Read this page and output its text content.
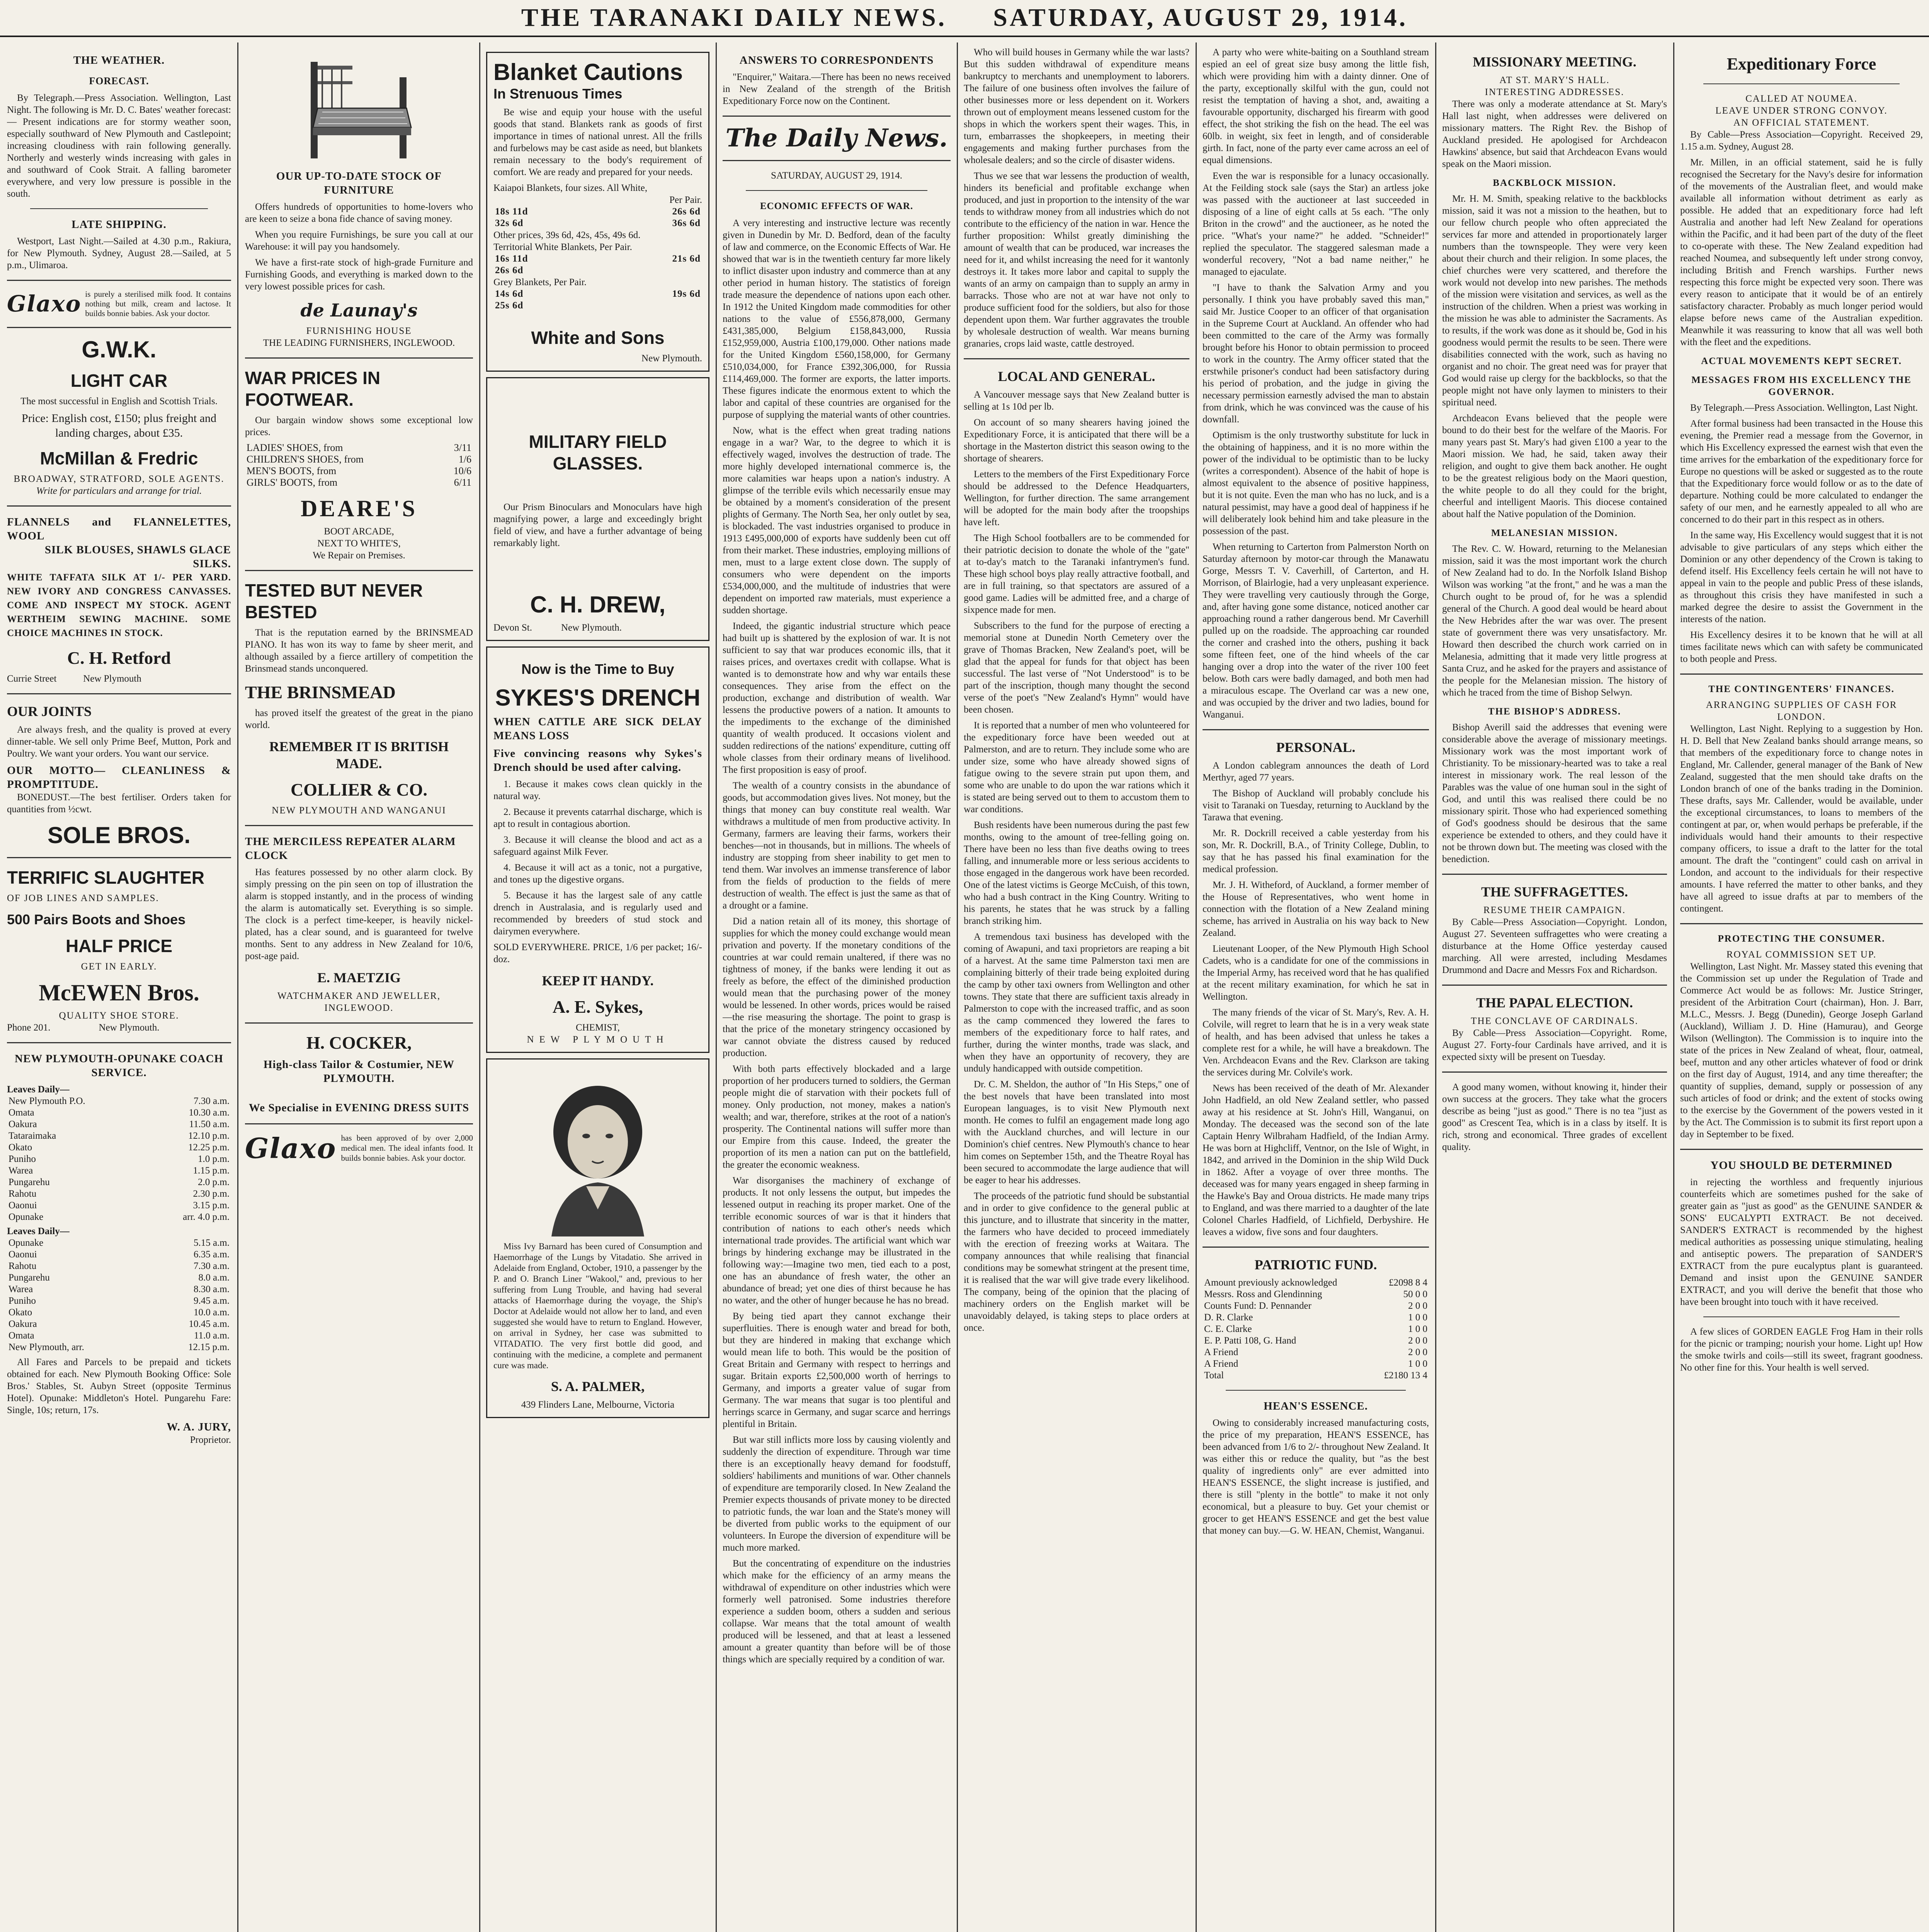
THE TARANAKI DAILY NEWS. SATURDAY, AUGUST 29, 1914.
THE WEATHER.
FORECAST.

By Telegraph.—Press Association. Wellington, Last Night. The following is Mr. D. C. Bates' weather forecast:— Present indications are for stormy weather soon, especially southward of New Plymouth and Castlepoint; increasing cloudiness with rain following generally. Northerly and westerly winds increasing with gales in and southward of Cook Strait. A falling barometer everywhere, and very low pressure is possible in the south.

LATE SHIPPING.

Westport, Last Night.—Sailed at 4.30 p.m., Rakiura, for New Plymouth. Sydney, August 28.—Sailed, at 5 p.m., Ulimaroa.

Glaxo is purely a sterilised milk food. It contains nothing but milk, cream and lactose. It builds bonnie babies. Ask your doctor.
G.W.K.
LIGHT CAR

The most successful in English and Scottish Trials.

Price: English cost, £150; plus freight and landing charges, about £35.

McMillan & Fredric
BROADWAY, STRATFORD, SOLE AGENTS.
Write for particulars and arrange for trial.
FLANNELS and FLANNELETTES, WOOL
SILK BLOUSES, SHAWLS GLACE SILKS.
WHITE TAFFATA SILK AT 1/- PER YARD. NEW IVORY AND CONGRESS CANVASSES. COME AND INSPECT MY STOCK. AGENT WERTHEIM SEWING MACHINE. SOME CHOICE MACHINES IN STOCK.
C. H. Retford
Currie Street           New Plymouth
OUR JOINTS

Are always fresh, and the quality is proved at every dinner-table. We sell only Prime Beef, Mutton, Pork and Poultry. We want your orders. You want our service.

OUR MOTTO— CLEANLINESS & PROMPTITUDE.

BONEDUST.—The best fertiliser. Orders taken for quantities from ½cwt.

SOLE BROS.
TERRIFIC SLAUGHTER
OF JOB LINES AND SAMPLES.
500 Pairs Boots and Shoes
HALF PRICE
GET IN EARLY.
McEWEN Bros.
QUALITY SHOE STORE.
Phone 201.                    New Plymouth.
NEW PLYMOUTH-OPUNAKE COACH SERVICE.
Leaves Daily—
New Plymouth P.O.	7.30 a.m.
Omata	10.30 a.m.
Oakura	11.50 a.m.
Tataraimaka	12.10 p.m.
Okato	12.25 p.m.
Puniho	1.0 p.m.
Warea	1.15 p.m.
Pungarehu	2.0 p.m.
Rahotu	2.30 p.m.
Oaonui	3.15 p.m.
Opunake	arr. 4.0 p.m.
Leaves Daily—
Opunake	5.15 a.m.
Oaonui	6.35 a.m.
Rahotu	7.30 a.m.
Pungarehu	8.0 a.m.
Warea	8.30 a.m.
Puniho	9.45 a.m.
Okato	10.0 a.m.
Oakura	10.45 a.m.
Omata	11.0 a.m.
New Plymouth, arr.	12.15 p.m.

All Fares and Parcels to be prepaid and tickets obtained for each. New Plymouth Booking Office: Sole Bros.' Stables, St. Aubyn Street (opposite Terminus Hotel). Opunake: Middleton's Hotel. Pungarehu Fare: Single, 10s; return, 17s.

W. A. JURY,
Proprietor.
OUR UP-TO-DATE STOCK OF FURNITURE

Offers hundreds of opportunities to home-lovers who are keen to seize a bona fide chance of saving money.

When you require Furnishings, be sure you call at our Warehouse: it will pay you handsomely.

We have a first-rate stock of high-grade Furniture and Furnishing Goods, and everything is marked down to the very lowest possible prices for cash.

de Launay's
FURNISHING HOUSE
THE LEADING FURNISHERS, INGLEWOOD.
WAR PRICES IN FOOTWEAR.

Our bargain window shows some exceptional low prices.

LADIES' SHOES, from	3/11
CHILDREN'S SHOES, from	1/6
MEN'S BOOTS, from	10/6
GIRLS' BOOTS, from	6/11
DEARE'S
BOOT ARCADE,
NEXT TO WHITE'S,
We Repair on Premises.
TESTED BUT NEVER BESTED

That is the reputation earned by the BRINSMEAD PIANO. It has won its way to fame by sheer merit, and although assailed by a fierce artillery of competition the Brinsmead stands unconquered.

THE BRINSMEAD

has proved itself the greatest of the great in the piano world.

REMEMBER IT IS BRITISH MADE.
COLLIER & CO.
NEW PLYMOUTH AND WANGANUI
THE MERCILESS REPEATER ALARM CLOCK

Has features possessed by no other alarm clock. By simply pressing on the pin seen on top of illustration the alarm is stopped instantly, and in the process of winding the alarm is automatically set. Everything is so simple. The clock is a perfect time-keeper, is heavily nickel-plated, has a clear sound, and is guaranteed for twelve months. Sent to any address in New Zealand for 10/6, post-age paid.

E. MAETZIG
WATCHMAKER AND JEWELLER, INGLEWOOD.
H. COCKER,
High-class Tailor & Costumier, NEW PLYMOUTH.
We Specialise in EVENING DRESS SUITS
Glaxo has been approved of by over 2,000 medical men. The ideal infants food. It builds bonnie babies. Ask your doctor.
Blanket Cautions
In Strenuous Times

Be wise and equip your house with the useful goods that stand. Blankets rank as goods of first importance in times of national unrest. All the frills and furbelows may be cast aside as need, but blankets remain necessary to the body's requirement of comfort. We are ready and prepared for your needs.

Kaiapoi Blankets, four sizes. All White,
Per Pair.
18s 11d	26s 6d
32s 6d	36s 6d
Other prices, 39s 6d, 42s, 45s, 49s 6d.
Territorial White Blankets, Per Pair.
16s 11d	21s 6d
26s 6d	
Grey Blankets, Per Pair.
14s 6d	19s 6d
25s 6d	
White and Sons
New Plymouth.
MILITARY FIELD GLASSES.

Our Prism Binoculars and Monoculars have high magnifying power, a large and exceedingly bright field of view, and have a further advantage of being remarkably light.

C. H. DREW,
Devon St.            New Plymouth.
Now is the Time to Buy
SYKES'S DRENCH
WHEN CATTLE ARE SICK DELAY MEANS LOSS
Five convincing reasons why Sykes's Drench should be used after calving.

1. Because it makes cows clean quickly in the natural way.

2. Because it prevents catarrhal discharge, which is apt to result in contagious abortion.

3. Because it will cleanse the blood and act as a safeguard against Milk Fever.

4. Because it will act as a tonic, not a purgative, and tones up the digestive organs.

5. Because it has the largest sale of any cattle drench in Australasia, and is regularly used and recommended by breeders of stud stock and dairymen everywhere.

SOLD EVERYWHERE. PRICE, 1/6 per packet; 16/- doz.
KEEP IT HANDY.
A. E. Sykes,
CHEMIST,
NEW PLYMOUTH

Miss Ivy Barnard has been cured of Consumption and Haemorrhage of the Lungs by Vitadatio. She arrived in Adelaide from England, October, 1910, a passenger by the P. and O. Branch Liner "Wakool," and, previous to her suffering from Lung Trouble, and having had several attacks of Haemorrhage during the voyage, the Ship's Doctor at Adelaide would not allow her to land, and even suggested she would have to return to England. However, on arrival in Sydney, her case was submitted to VITADATIO. The very first bottle did good, and continuing with the medicine, a complete and permanent cure was made.

S. A. PALMER,
439 Flinders Lane, Melbourne, Victoria
ANSWERS TO CORRESPONDENTS

"Enquirer," Waitara.—There has been no news received in New Zealand of the strength of the British Expeditionary Force now on the Continent.

The Daily News.
SATURDAY, AUGUST 29, 1914.
ECONOMIC EFFECTS OF WAR.

A very interesting and instructive lecture was recently given in Dunedin by Mr. D. Bedford, dean of the faculty of law and commerce, on the Economic Effects of War. He showed that war is in the twentieth century far more likely to inflict disaster upon industry and commerce than at any other period in human history. The statistics of foreign trade measure the dependence of nations upon each other. In 1912 the United Kingdom made commodities for other nations to the value of £556,878,000, Germany £431,385,000, Belgium £158,843,000, Russia £152,959,000, Austria £100,179,000. Other nations made for the United Kingdom £560,158,000, for Germany £510,034,000, for France £392,306,000, for Russia £114,469,000. The former are exports, the latter imports. These figures indicate the enormous extent to which the labor and capital of these countries are organised for the purpose of supplying the material wants of other countries.

Now, what is the effect when great trading nations engage in a war? War, to the degree to which it is effectively waged, involves the destruction of trade. The more highly developed international commerce is, the more calamities war heaps upon a nation's industry. A glimpse of the terrible evils which necessarily ensue may be obtained by a moment's consideration of the present plights of Germany. The North Sea, her only outlet by sea, is blockaded. The vast industries organised to produce in 1913 £495,000,000 of exports have suddenly been cut off from their market. These industries, employing millions of men, must to a large extent close down. The supply of consumers who were dependent on the imports £534,000,000, and the multitude of industries that were dependent on imported raw materials, must experience a sudden shortage.

Indeed, the gigantic industrial structure which peace had built up is shattered by the explosion of war. It is not sufficient to say that war produces economic ills, that it raises prices, and overtaxes credit with collapse. What is wanted is to demonstrate how and why war entails these consequences. They arise from the effect on the production, exchange and distribution of wealth. War lessens the productive powers of a nation. It amounts to the impediments to the exchange of the diminished quantity of wealth produced. It occasions violent and sudden redirections of the nations' expenditure, cutting off whole classes from their ordinary means of livelihood. The first proposition is easy of proof.

The wealth of a country consists in the abundance of goods, but accommodation gives lives. Not money, but the things that money can buy constitute real wealth. War withdraws a multitude of men from productive activity. In Germany, farmers are leaving their farms, workers their benches—not in thousands, but in millions. The wheels of industry are stopping from sheer inability to get men to tend them. War involves an immense transference of labor from the fields of production to the fields of mere destruction of wealth. The effect is just the same as that of a drought or a famine.

Did a nation retain all of its money, this shortage of supplies for which the money could exchange would mean privation and poverty. If the monetary conditions of the countries at war could remain unaltered, if there was no tightness of money, if the banks were lending it out as freely as before, the effect of the diminished production would mean that the purchasing power of the money would be lessened. In other words, prices would be raised—the rise measuring the shortage. The point to grasp is that the price of the monetary stringency occasioned by war cannot obviate the distress caused by reduced production.

With both parts effectively blockaded and a large proportion of her producers turned to soldiers, the German people might die of starvation with their pockets full of money. Only production, not money, makes a nation's wealth; and war, therefore, strikes at the root of a nation's prosperity. The Continental nations will suffer more than our Empire from this cause. Indeed, the greater the proportion of its men a nation can put on the battlefield, the greater the economic weakness.

War disorganises the machinery of exchange of products. It not only lessens the output, but impedes the lessened output in reaching its proper market. One of the terrible economic sources of war is that it hinders that contribution of nations to each other's needs which international trade provides. The artificial want which war brings by hindering exchange may be illustrated in the following way:—Imagine two men, tied each to a post, one has an abundance of fresh water, the other an abundance of bread; yet one dies of thirst because he has no water, and the other of hunger because he has no bread.

By being tied apart they cannot exchange their superfluities. There is enough water and bread for both, but they are hindered in making that exchange which would mean life to both. This would be the position of Great Britain and Germany with respect to herrings and sugar. Britain exports £2,500,000 worth of herrings to Germany, and imports a greater value of sugar from Germany. The war means that sugar is too plentiful and herrings scarce in Germany, and sugar scarce and herrings plentiful in Britain.

But war still inflicts more loss by causing violently and suddenly the direction of expenditure. Through war time there is an exceptionally heavy demand for foodstuff, soldiers' habiliments and munitions of war. Other channels of expenditure are temporarily closed. In New Zealand the Premier expects thousands of private money to be directed to patriotic funds, the war loan and the State's money will be diverted from public works to the equipment of our volunteers. In Europe the diversion of expenditure will be much more marked.

But the concentrating of expenditure on the industries which make for the efficiency of an army means the withdrawal of expenditure on other industries which were formerly well patronised. Some industries therefore experience a sudden boom, others a sudden and serious collapse. War means that the total amount of wealth produced will be lessened, and that at least a lessened amount a greater quantity than before will be of those things which are specially required by a condition of war.

Who will build houses in Germany while the war lasts? But this sudden withdrawal of expenditure means bankruptcy to merchants and unemployment to laborers. The failure of one business often involves the failure of other businesses more or less dependent on it. Workers thrown out of employment means lessened custom for the shops in which the workers spent their wages. This, in turn, embarrasses the shopkeepers, in meeting their engagements and making further purchases from the wholesale dealers; and so the circle of disaster widens.

Thus we see that war lessens the production of wealth, hinders its beneficial and profitable exchange when produced, and just in proportion to the intensity of the war tends to withdraw money from all industries which do not contribute to the efficiency of the nation in war. Hence the further proposition: Whilst greatly diminishing the amount of wealth that can be produced, war increases the need for it, and whilst increasing the need for it wantonly destroys it. It takes more labor and capital to supply the wants of an army on campaign than to supply an army in barracks. Those who are not at war have not only to produce sufficient food for the soldiers, but also for those dependent upon them. War further aggravates the trouble by wholesale destruction of wealth. War means burning granaries, crops laid waste, cattle destroyed.

LOCAL AND GENERAL.

A Vancouver message says that New Zealand butter is selling at 1s 10d per lb.

On account of so many shearers having joined the Expeditionary Force, it is anticipated that there will be a shortage in the Masterton district this season owing to the shortage of shearers.

Letters to the members of the First Expeditionary Force should be addressed to the Defence Headquarters, Wellington, for further direction. The same arrangement will be adopted for the main body after the troopships have left.

The High School footballers are to be commended for their patriotic decision to donate the whole of the "gate" at to-day's match to the Taranaki infantrymen's fund. These high school boys play really attractive football, and are in full training, so that spectators are assured of a good game. Ladies will be admitted free, and a charge of sixpence made for men.

Subscribers to the fund for the purpose of erecting a memorial stone at Dunedin North Cemetery over the grave of Thomas Bracken, New Zealand's poet, will be glad that the appeal for funds for that object has been successful. The last verse of "Not Understood" is to be part of the inscription, though many thought the second verse of the poet's "New Zealand's Hymn" would have been chosen.

It is reported that a number of men who volunteered for the expeditionary force have been weeded out at Palmerston, and are to return. They include some who are under size, some who have already showed signs of fatigue owing to the severe strain put upon them, and some who are unable to do upon the war rations which it is stated are being served out to them to accustom them to war conditions.

Bush residents have been numerous during the past few months, owing to the amount of tree-felling going on. There have been no less than five deaths owing to trees falling, and innumerable more or less serious accidents to those engaged in the dangerous work have been recorded. One of the latest victims is George McCuish, of this town, who had a bush contract in the King Country. Writing to his parents, he states that he was struck by a falling branch striking him.

A tremendous taxi business has developed with the coming of Awapuni, and taxi proprietors are reaping a bit of a harvest. At the same time Palmerston taxi men are complaining bitterly of their trade being exploited during the camp by other taxi owners from Wellington and other towns. They state that there are sufficient taxis already in Palmerston to cope with the increased traffic, and as soon as the camp commenced they lowered the fares to members of the expeditionary force to half rates, and further, during the winter months, trade was slack, and when they have an opportunity of recovery, they are unduly handicapped with outside competition.

Dr. C. M. Sheldon, the author of "In His Steps," one of the best novels that have been translated into most European languages, is to visit New Plymouth next month. He comes to fulfil an engagement made long ago with the Auckland churches, and will lecture in our Dominion's chief centres. New Plymouth's chance to hear him comes on September 15th, and the Theatre Royal has been secured to accommodate the large audience that will be eager to hear his addresses.

The proceeds of the patriotic fund should be substantial and in order to give confidence to the general public at this juncture, and to illustrate that sincerity in the matter, the farmers who have decided to proceed immediately with the erection of freezing works at Waitara. The company announces that while realising that financial conditions may be somewhat stringent at the present time, it is realised that the war will give trade every likelihood. The company, being of the opinion that the placing of machinery orders on the English market will be unavoidably delayed, is taking steps to place orders at once.

A party who were white-baiting on a Southland stream espied an eel of great size busy among the little fish, which were providing him with a dainty dinner. One of the party, exceptionally skilful with the gun, could not resist the temptation of having a shot, and, awaiting a favourable opportunity, discharged his firearm with good effect, the shot striking the fish on the head. The eel was 60lb. in weight, six feet in length, and of considerable girth. In fact, none of the party ever came across an eel of equal dimensions.

Even the war is responsible for a lunacy occasionally. At the Feilding stock sale (says the Star) an artless joke was passed with the auctioneer at last succeeded in disposing of a line of eight calls at 5s each. "The only Briton in the crowd" and the auctioneer, as he noted the price. "What's your name?" he added. "Schneider!" replied the speculator. The staggered salesman made a wonderful recovery, "Not a bad name neither," he managed to ejaculate.

"I have to thank the Salvation Army and you personally. I think you have probably saved this man," said Mr. Justice Cooper to an officer of that organisation in the Supreme Court at Auckland. An offender who had been committed to the care of the Army was formally brought before his Honor to obtain permission to proceed to work in the country. The Army officer stated that the erstwhile prisoner's conduct had been satisfactory during his period of probation, and the judge in giving the necessary permission earnestly advised the man to abstain from drink, which he was convinced was the cause of his downfall.

Optimism is the only trustworthy substitute for luck in the obtaining of happiness, and it is no more within the power of the individual to be optimistic than to be lucky (writes a correspondent). Absence of the habit of hope is almost equivalent to the absence of positive happiness, but it is not quite. Even the man who has no luck, and is a natural pessimist, may have a good deal of happiness if he will deliberately look behind him and take pleasure in the possession of the past.

When returning to Carterton from Palmerston North on Saturday afternoon by motor-car through the Manawatu Gorge, Messrs T. V. Caverhill, of Carterton, and H. Morrison, of Blairlogie, had a very unpleasant experience. They were travelling very cautiously through the Gorge, and, after having gone some distance, noticed another car approaching round a rather dangerous bend. Mr Caverhill pulled up on the roadside. The approaching car rounded the corner and crashed into the others, pushing it back some fifteen feet, one of the hind wheels of the car hanging over a drop into the water of the river 100 feet below. Both cars were badly damaged, and both men had a miraculous escape. The Overland car was a new one, and was occupied by the driver and two ladies, bound for Wanganui.

PERSONAL.

A London cablegram announces the death of Lord Merthyr, aged 77 years.

The Bishop of Auckland will probably conclude his visit to Taranaki on Tuesday, returning to Auckland by the Tarawa that evening.

Mr. R. Dockrill received a cable yesterday from his son, Mr. R. Dockrill, B.A., of Trinity College, Dublin, to say that he has passed his final examination for the medical profession.

Mr. J. H. Witheford, of Auckland, a former member of the House of Representatives, who went home in connection with the flotation of a New Zealand mining scheme, has arrived in Australia on his way back to New Zealand.

Lieutenant Looper, of the New Plymouth High School Cadets, who is a candidate for one of the commissions in the Imperial Army, has received word that he has qualified at the recent military examination, for which he sat in Wellington.

The many friends of the vicar of St. Mary's, Rev. A. H. Colvile, will regret to learn that he is in a very weak state of health, and has been advised that unless he takes a complete rest for a while, he will have a breakdown. The Ven. Archdeacon Evans and the Rev. Clarkson are taking the services during Mr. Colvile's work.

News has been received of the death of Mr. Alexander John Hadfield, an old New Zealand settler, who passed away at his residence at St. John's Hill, Wanganui, on Monday. The deceased was the second son of the late Captain Henry Wilbraham Hadfield, of the Indian Army. He was born at Highcliff, Ventnor, on the Isle of Wight, in 1842, and arrived in the Dominion in the ship Wild Duck in 1862. After a voyage of over three months. The deceased was for many years engaged in sheep farming in the Hawke's Bay and Oroua districts. He made many trips to England, and was there married to a daughter of the late Colonel Charles Hadfield, of Lichfield, Derbyshire. He leaves a widow, five sons and four daughters.

PATRIOTIC FUND.
Amount previously acknowledged	£2098 8 4
Messrs. Ross and Glendinning	50 0 0
Counts Fund: D. Pennander	2 0 0
D. R. Clarke	1 0 0
C. E. Clarke	1 0 0
E. P. Patti 108, G. Hand	2 0 0
A Friend	2 0 0
A Friend	1 0 0
Total	£2180 13 4
HEAN'S ESSENCE.

Owing to considerably increased manufacturing costs, the price of my preparation, HEAN'S ESSENCE, has been advanced from 1/6 to 2/- throughout New Zealand. It was either this or reduce the quality, but "as the best quality of ingredients only" are ever admitted into HEAN'S ESSENCE, the slight increase is justified, and there is still "plenty in the bottle" to make it not only economical, but a pleasure to buy. Get your chemist or grocer to get HEAN'S ESSENCE and get the best value that money can buy.—G. W. HEAN, Chemist, Wanganui.

MISSIONARY MEETING.
AT ST. MARY'S HALL.
INTERESTING ADDRESSES.

There was only a moderate attendance at St. Mary's Hall last night, when addresses were delivered on missionary matters. The Right Rev. the Bishop of Auckland presided. He apologised for Archdeacon Hawkins' absence, but said that Archdeacon Evans would speak on the Maori mission.

BACKBLOCK MISSION.

Mr. H. M. Smith, speaking relative to the backblocks mission, said it was not a mission to the heathen, but to our fellow church people who often appreciated the services far more and attended in proportionately larger numbers than the townspeople. They were very keen about their church and their religion. In some places, the chief churches were very scattered, and therefore the work would not develop into new parishes. The methods of the mission were visitation and services, as well as the instruction of the children. When a priest was working in the mission he was able to administer the Sacraments. As to results, if the work was done as it should be, God in his goodness would permit the results to be seen. There were disabilities connected with the work, such as having no organist and no choir. The great need was for prayer that God would raise up clergy for the backblocks, so that the people might not have only laymen to ministers to their spiritual need.

Archdeacon Evans believed that the people were bound to do their best for the welfare of the Maoris. For many years past St. Mary's had given £100 a year to the Maori mission. We had, he said, taken away their religion, and ought to give them back another. He ought to be the greatest religious body on the Maori question, the white people to do all they could for the bright, cheerful and intelligent Maoris. This diocese contained about half the Native population of the Dominion.

MELANESIAN MISSION.

The Rev. C. W. Howard, returning to the Melanesian mission, said it was the most important work the church of New Zealand had to do. In the Norfolk Island Bishop Wilson was working "at the front," and he was a man the Church ought to be proud of, for he was a splendid general of the Church. A good deal would be heard about the New Hebrides after the war was over. The present state of government there was very unsatisfactory. Mr. Howard then described the church work carried on in Melanesia, admitting that it made very little progress at Santa Cruz, and he asked for the prayers and assistance of the people for the Melanesian mission. The history of which he traced from the time of Bishop Selwyn.

THE BISHOP'S ADDRESS.

Bishop Averill said the addresses that evening were considerable above the average of missionary meetings. Missionary work was the most important work of Christianity. To be missionary-hearted was to take a real interest in missionary work. The real lesson of the Parables was the value of one human soul in the sight of God, and until this was realised there could be no missionary spirit. Those who had experienced something of God's goodness should be desirous that the same experience be extended to others, and they could have it not be thrown down but. The meeting was closed with the benediction.

THE SUFFRAGETTES.
RESUME THEIR CAMPAIGN.

By Cable—Press Association—Copyright. London, August 27. Seventeen suffragettes who were creating a disturbance at the Home Office yesterday caused marching. All were arrested, including Mesdames Drummond and Dacre and Messrs Fox and Richardson.

THE PAPAL ELECTION.
THE CONCLAVE OF CARDINALS.

By Cable—Press Association—Copyright. Rome, August 27. Forty-four Cardinals have arrived, and it is expected sixty will be present on Tuesday.

A good many women, without knowing it, hinder their own success at the grocers. They take what the grocers describe as being "just as good." There is no tea "just as good" as Crescent Tea, which is in a class by itself. It is rich, strong and economical. Three grades of excellent quality.

Expeditionary Force
CALLED AT NOUMEA.
LEAVE UNDER STRONG CONVOY.
AN OFFICIAL STATEMENT.

By Cable—Press Association—Copyright. Received 29, 1.15 a.m. Sydney, August 28.

Mr. Millen, in an official statement, said he is fully recognised the Secretary for the Navy's desire for information of the movements of the Australian fleet, and would make available all information without detriment as early as possible. He added that an expeditionary force had left Australia and another had left New Zealand for operations within the Pacific, and it had been part of the duty of the fleet to co-operate with these. The New Zealand expedition had reached Noumea, and subsequently left under strong convoy, including British and French warships. Further news respecting this force might be expected very soon. There was every reason to anticipate that it would be of an entirely satisfactory character. Probably as much longer period would elapse before news came of the Australian expedition. Meanwhile it was reassuring to know that all was well both with the fleet and the expeditions.

ACTUAL MOVEMENTS KEPT SECRET.
MESSAGES FROM HIS EXCELLENCY THE GOVERNOR.

By Telegraph.—Press Association. Wellington, Last Night.

After formal business had been transacted in the House this evening, the Premier read a message from the Governor, in which His Excellency expressed the earnest wish that even the time arrives for the embarkation of the expeditionary force for Europe no questions will be asked or suggested as to the route that the Expeditionary force would follow or as to the date of departure. Nothing could be more calculated to endanger the safety of our men, and he earnestly appealed to all who are concerned to do their part in this respect as in others.

In the same way, His Excellency would suggest that it is not advisable to give particulars of any steps which either the Dominion or any other dependency of the Crown is taking to defend itself. His Excellency feels certain he will not have to appeal in vain to the people and public Press of these islands, as throughout this crisis they have manifested in such a marked degree the desire to assist the Government in the interests of the nation.

His Excellency desires it to be known that he will at all times facilitate news which can with safety be communicated to both people and Press.

THE CONTINGENTERS' FINANCES.
ARRANGING SUPPLIES OF CASH FOR LONDON.

Wellington, Last Night. Replying to a suggestion by Hon. H. D. Bell that New Zealand banks should arrange means, so that members of the expeditionary force to change notes in England, Mr. Callender, general manager of the Bank of New Zealand, suggested that the men should take drafts on the London branch of one of the banks trading in the Dominion. These drafts, says Mr. Callender, would be available, under the exceptional circumstances, to loans to members of the contingent at par, or, when would perhaps be preferable, if the individuals would hand their amounts to their respective company officers, to issue a draft to the latter for the total amount. The draft the "contingent" could cash on arrival in London, and account to the individuals for their respective amounts. I have referred the matter to other banks, and they have all agreed to issue drafts at par to members of the contingent.

PROTECTING THE CONSUMER.
ROYAL COMMISSION SET UP.

Wellington, Last Night. Mr. Massey stated this evening that the Commission set up under the Regulation of Trade and Commerce Act would be as follows: Mr. Justice Stringer, president of the Arbitration Court (chairman), Hon. J. Barr, M.L.C., Messrs. J. Begg (Dunedin), George Joseph Garland (Auckland), William J. D. Hine (Hamurau), and George Wilson (Wellington). The Commission is to inquire into the state of the prices in New Zealand of wheat, flour, oatmeal, beef, mutton and any other articles whatever of food or drink on the first day of August, 1914, and any time thereafter; the quantity of supplies, demand, supply or possession of any such articles of food or drink; and the extent of stocks owing to the exercise by the Government of the powers vested in it by the Act. The Commission is to submit its first report upon a day in September to be fixed.

YOU SHOULD BE DETERMINED

in rejecting the worthless and frequently injurious counterfeits which are sometimes pushed for the sake of greater gain as "just as good" as the GENUINE SANDER & SONS' EUCALYPTI EXTRACT. Be not deceived. SANDER'S EXTRACT is recommended by the highest medical authorities as possessing unique stimulating, healing and antiseptic powers. The preparation of SANDER'S EXTRACT from the pure eucalyptus plant is guaranteed. Demand and insist upon the GENUINE SANDER EXTRACT, and you will derive the benefit that those who have been brought into touch with it have received.

A few slices of GORDEN EAGLE Frog Ham in their rolls for the picnic or tramping; nourish your home. Light up! How the smoke twirls and coils—still its sweet, fragrant goodness. No other fine for this. Your health is well served.
